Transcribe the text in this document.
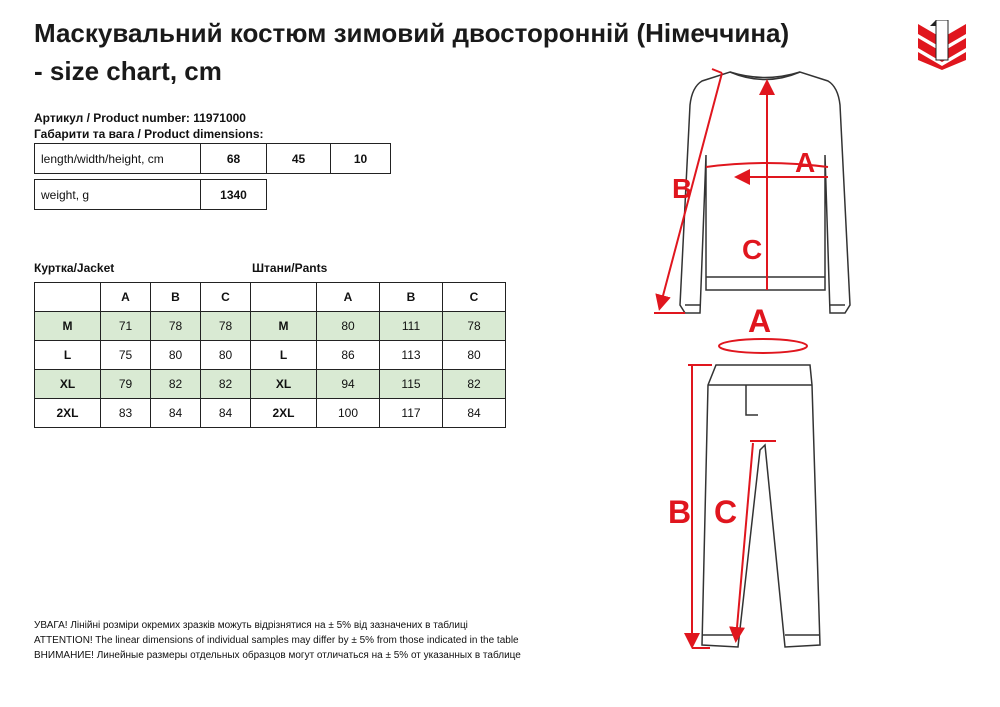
Маскувальний костюм зимовий двосторонній (Німеччина)
- size chart, cm
Артикул / Product number: 11971000
Габарити та вага / Product dimensions:
length/width/height, cm	68	45	10
weight, g	1340
Куртка/Jacket	Штани/Pants
	A	B	C		A	B	C
M	71	78	78	M	80	111	78
L	75	80	80	L	86	113	80
XL	79	82	82	XL	94	115	82
2XL	83	84	84	2XL	100	117	84
УВАГА! Лінійні розміри окремих зразків можуть відрізнятися на ± 5% від зазначених в таблиці
ATTENTION! The linear dimensions of individual samples may differ by ± 5% from those indicated in the table
ВНИМАНИЕ! Линейные размеры отдельных образцов могут отличаться на ± 5% от указанных в таблице
A
B
C
A
B C
